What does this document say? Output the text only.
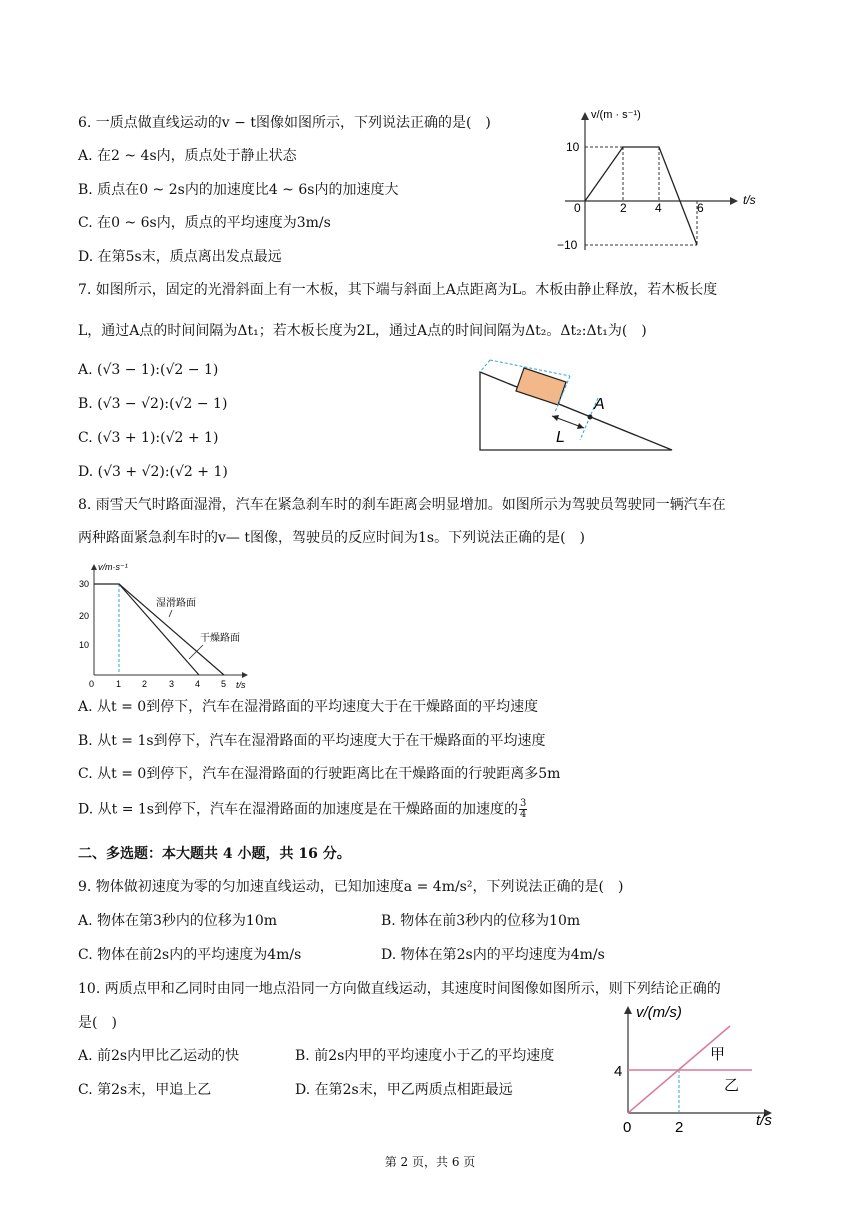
6. 一质点做直线运动的v − t图像如图所示，下列说法正确的是(　)
A. 在2 ~ 4s内，质点处于静止状态
B. 质点在0 ~ 2s内的加速度比4 ~ 6s内的加速度大
C. 在0 ~ 6s内，质点的平均速度为3m/s
D. 在第5s末，质点离出发点最远
v/(m · s⁻¹)
t/s
0
10
−10
2 4	6
7. 如图所示，固定的光滑斜面上有一木板，其下端与斜面上A点距离为L。木板由静止释放，若木板长度
L，通过A点的时间间隔为Δt₁；若木板长度为2L，通过A点的时间间隔为Δt₂。Δt₂:Δt₁为(　)
A. (√3 − 1):(√2 − 1)
B. (√3 − √2):(√2 − 1)
C. (√3 + 1):(√2 + 1)
D. (√3 + √2):(√2 + 1)
A
L
8. 雨雪天气时路面湿滑，汽车在紧急刹车时的刹车距离会明显增加。如图所示为驾驶员驾驶同一辆汽车在
两种路面紧急刹车时的v— t图像，驾驶员的反应时间为1s。下列说法正确的是(　)
v/m·s⁻¹
t/s
0 1 2 3 4 5
10
20
30
湿滑路面
干燥路面
A. 从t = 0到停下，汽车在湿滑路面的平均速度大于在干燥路面的平均速度
B. 从t = 1s到停下，汽车在湿滑路面的平均速度大于在干燥路面的平均速度
C. 从t = 0到停下，汽车在湿滑路面的行驶距离比在干燥路面的行驶距离多5m
D. 从t = 1s到停下，汽车在湿滑路面的加速度是在干燥路面的加速度的 $\frac{3}{4}$
二、多选题：本大题共 4 小题，共 16 分。
9. 物体做初速度为零的匀加速直线运动，已知加速度a = 4m/s²，下列说法正确的是(　)
A. 物体在第3秒内的位移为10m	B. 物体在前3秒内的位移为10m
C. 物体在前2s内的平均速度为4m/s	D. 物体在第2s内的平均速度为4m/s
10. 两质点甲和乙同时由同一地点沿同一方向做直线运动，其速度时间图像如图所示，则下列结论正确的
是(　)
A. 前2s内甲比乙运动的快	B. 前2s内甲的平均速度小于乙的平均速度
C. 第2s末，甲追上乙	D. 在第2s末，甲乙两质点相距最远
v/(m/s)
t/s
0	2
4
甲
乙
第 2 页，共 6 页
